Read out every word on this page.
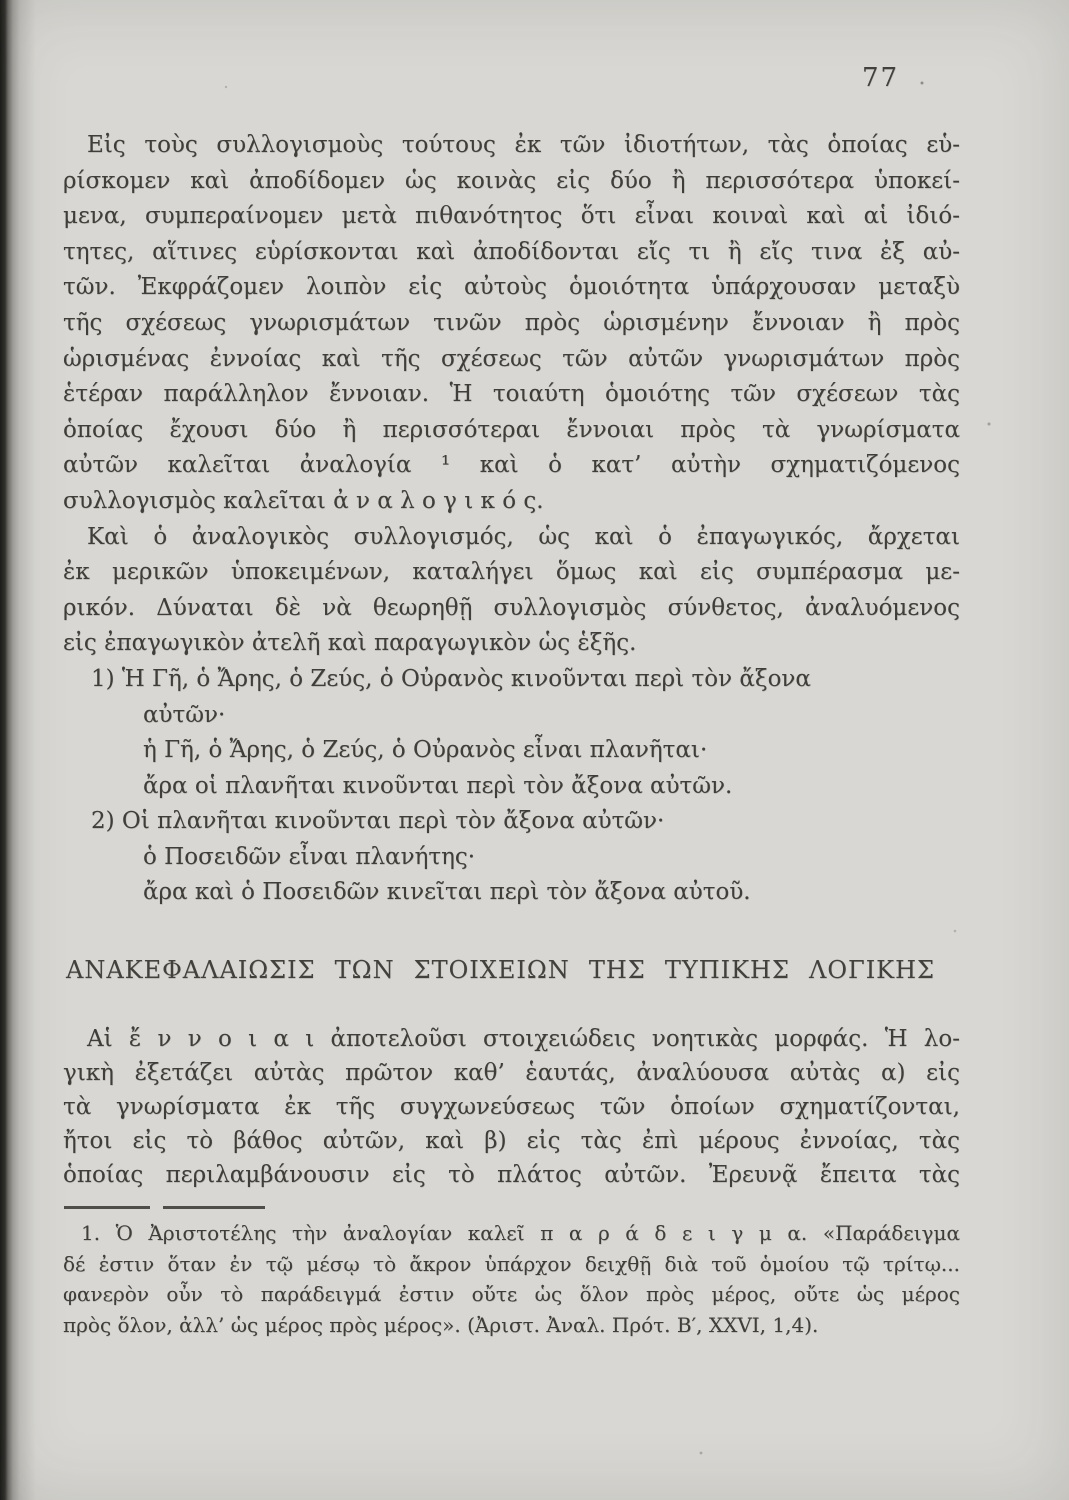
77
Εἰς τοὺς συλλογισμοὺς τούτους ἐκ τῶν ἰδιοτήτων, τὰς ὁποίας εὑ-
ρίσκομεν καὶ ἀποδίδομεν ὡς κοινὰς εἰς δύο ἢ περισσότερα ὑποκεί-
μενα, συμπεραίνομεν μετὰ πιθανότητος ὅτι εἶναι κοιναὶ καὶ αἱ ἰδιό-
τητες, αἵτινες εὑρίσκονται καὶ ἀποδίδονται εἴς τι ἢ εἴς τινα ἐξ αὐ-
τῶν. Ἐκφράζομεν λοιπὸν εἰς αὐτοὺς ὁμοιότητα ὑπάρχουσαν μεταξὺ
τῆς σχέσεως γνωρισμάτων τινῶν πρὸς ὡρισμένην ἔννοιαν ἢ πρὸς
ὡρισμένας ἐννοίας καὶ τῆς σχέσεως τῶν αὐτῶν γνωρισμάτων πρὸς
ἑτέραν παράλληλον ἔννοιαν. Ἡ τοιαύτη ὁμοιότης τῶν σχέσεων τὰς
ὁποίας ἔχουσι δύο ἢ περισσότεραι ἔννοιαι πρὸς τὰ γνωρίσματα
αὐτῶν καλεῖται ἀναλογία ¹ καὶ ὁ κατ’ αὐτὴν σχηματιζόμενος
συλλογισμὸς καλεῖται ἀ ν α λ ο γ ι κ ό ς.
Καὶ ὁ ἀναλογικὸς συλλογισμός, ὡς καὶ ὁ ἐπαγωγικός, ἄρχεται
ἐκ μερικῶν ὑποκειμένων, καταλήγει ὅμως καὶ εἰς συμπέρασμα με-
ρικόν. Δύναται δὲ νὰ θεωρηθῇ συλλογισμὸς σύνθετος, ἀναλυόμενος
εἰς ἐπαγωγικὸν ἀτελῆ καὶ παραγωγικὸν ὡς ἑξῆς.
1) Ἡ Γῆ, ὁ Ἄρης, ὁ Ζεύς, ὁ Οὐρανὸς κινοῦνται περὶ τὸν ἄξονα
αὐτῶν·
ἡ Γῆ, ὁ Ἄρης, ὁ Ζεύς, ὁ Οὐρανὸς εἶναι πλανῆται·
ἄρα οἱ πλανῆται κινοῦνται περὶ τὸν ἄξονα αὐτῶν.
2) Οἱ πλανῆται κινοῦνται περὶ τὸν ἄξονα αὐτῶν·
ὁ Ποσειδῶν εἶναι πλανήτης·
ἄρα καὶ ὁ Ποσειδῶν κινεῖται περὶ τὸν ἄξονα αὐτοῦ.
ΑΝΑΚΕΦΑΛΑΙΩΣΙΣ ΤΩΝ ΣΤΟΙΧΕΙΩΝ ΤΗΣ ΤΥΠΙΚΗΣ ΛΟΓΙΚΗΣ
Αἱ ἔ ν ν ο ι α ι ἀποτελοῦσι στοιχειώδεις νοητικὰς μορφάς. Ἡ λο-
γικὴ ἐξετάζει αὐτὰς πρῶτον καθ’ ἑαυτάς, ἀναλύουσα αὐτὰς α) εἰς
τὰ γνωρίσματα ἐκ τῆς συγχωνεύσεως τῶν ὁποίων σχηματίζονται,
ἤτοι εἰς τὸ βάθος αὐτῶν, καὶ β) εἰς τὰς ἐπὶ μέρους ἐννοίας, τὰς
ὁποίας περιλαμβάνουσιν εἰς τὸ πλάτος αὐτῶν. Ἐρευνᾷ ἔπειτα τὰς
1. Ὁ Ἀριστοτέλης τὴν ἀναλογίαν καλεῖ π α ρ ά δ ε ι γ μ α. «Παράδειγμα
δέ ἐστιν ὅταν ἐν τῷ μέσῳ τὸ ἄκρον ὑπάρχον δειχθῇ διὰ τοῦ ὁμοίου τῷ τρίτῳ...
φανερὸν οὖν τὸ παράδειγμά ἐστιν οὔτε ὡς ὅλον πρὸς μέρος, οὔτε ὡς μέρος
πρὸς ὅλον, ἀλλ’ ὡς μέρος πρὸς μέρος». (Ἀριστ. Ἀναλ. Πρότ. Β′, XXVI, 1,4).
